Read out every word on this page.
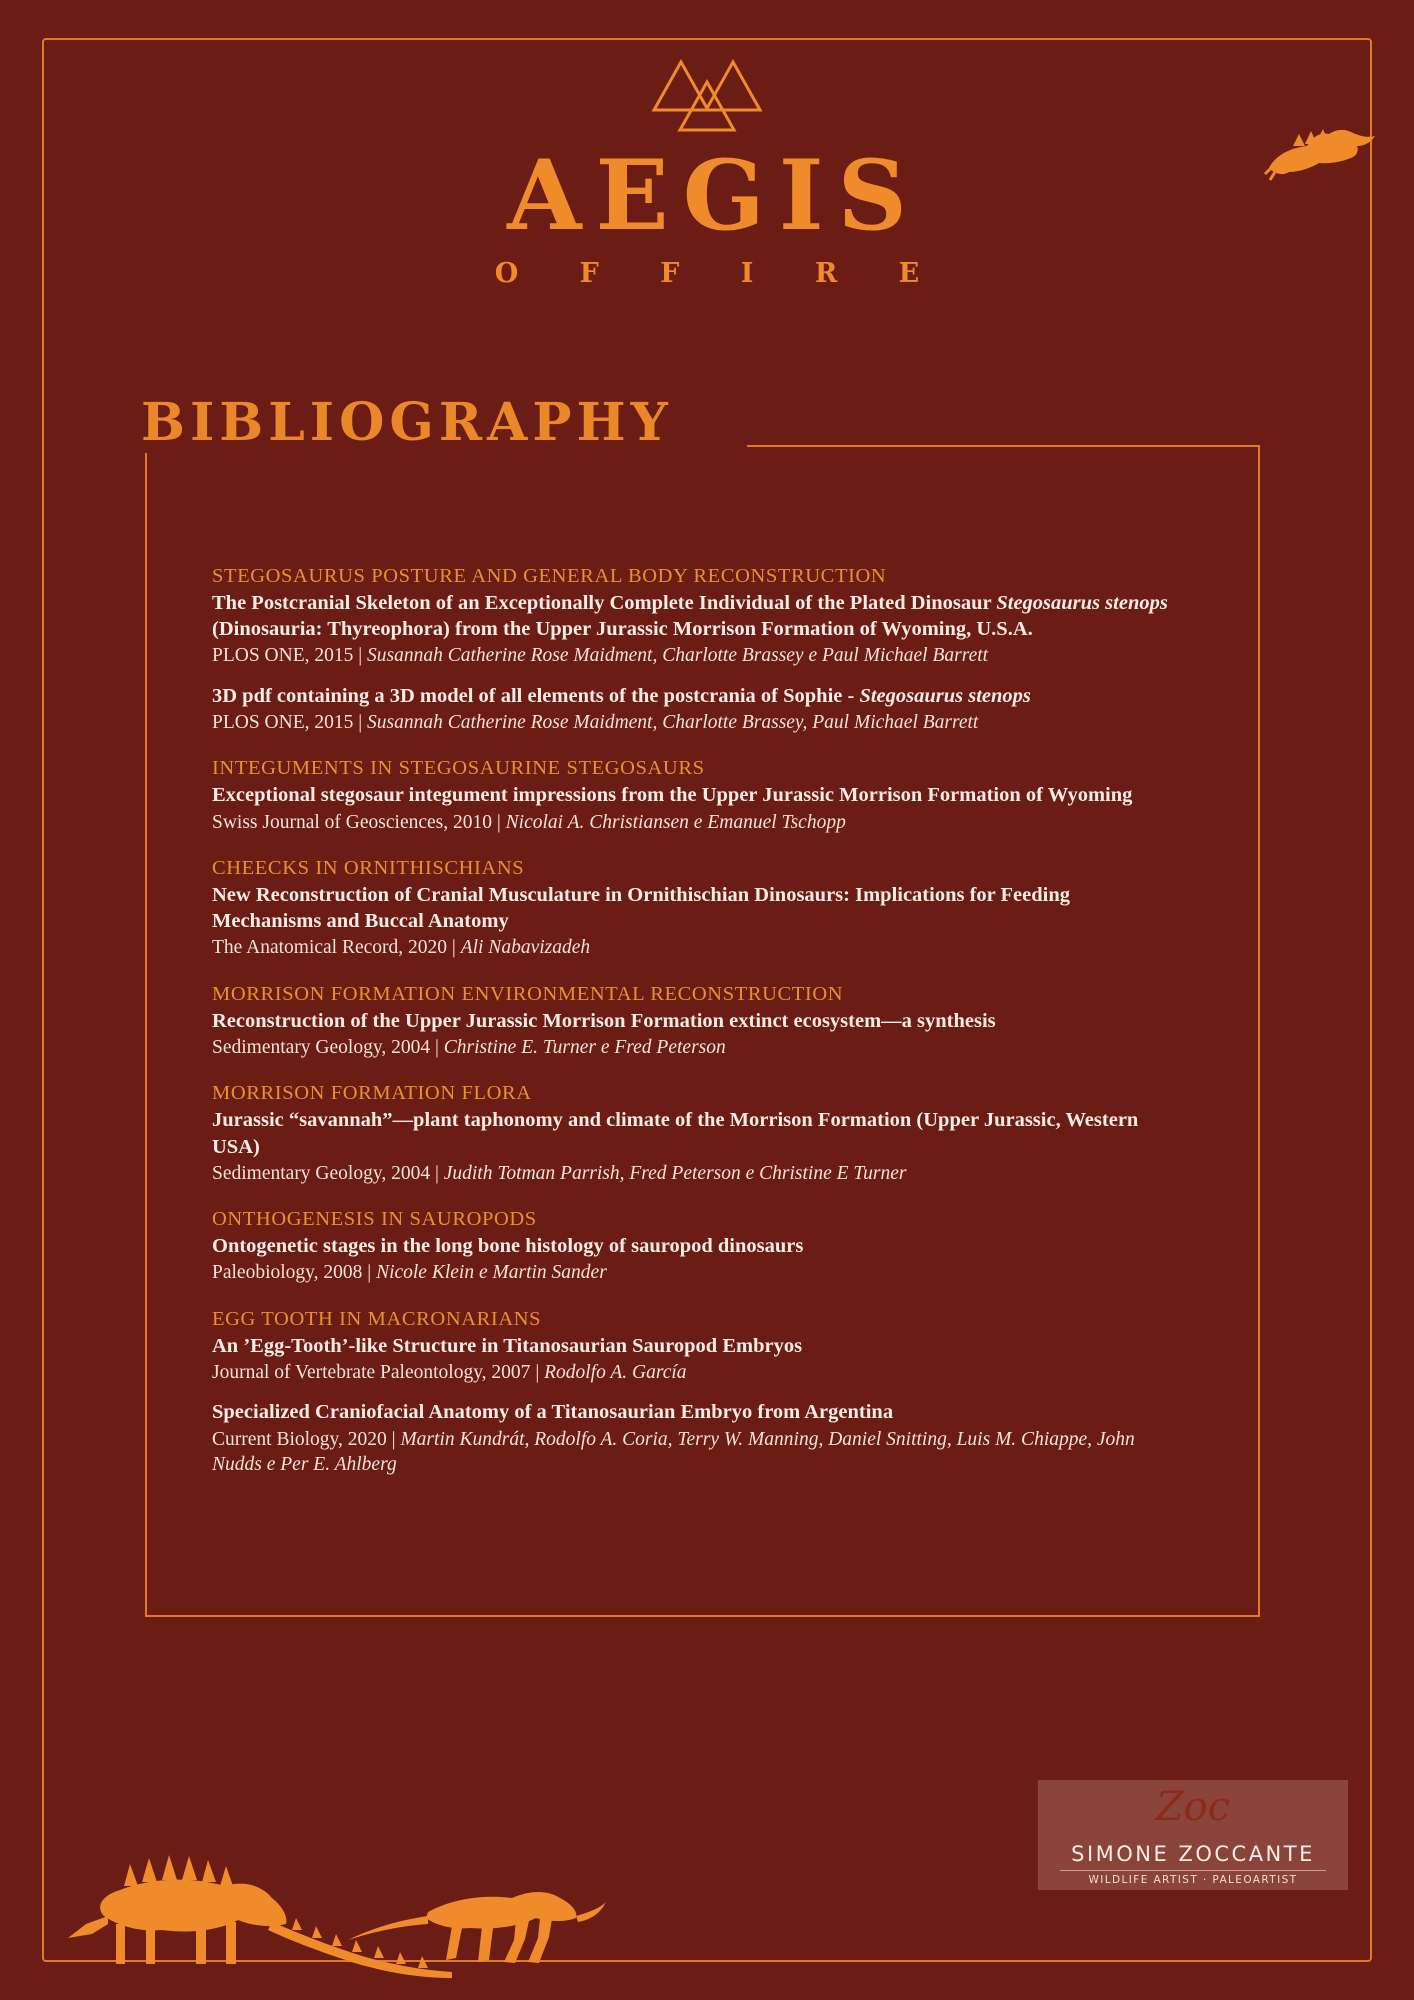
AEGIS
O F F I R E
BIBLIOGRAPHY
STEGOSAURUS POSTURE AND GENERAL BODY RECONSTRUCTION
The Postcranial Skeleton of an Exceptionally Complete Individual of the Plated Dinosaur Stegosaurus stenops (Dinosauria: Thyreophora) from the Upper Jurassic Morrison Formation of Wyoming, U.S.A.
PLOS ONE, 2015 | Susannah Catherine Rose Maidment, Charlotte Brassey e Paul Michael Barrett
3D pdf containing a 3D model of all elements of the postcrania of Sophie - Stegosaurus stenops
PLOS ONE, 2015 | Susannah Catherine Rose Maidment, Charlotte Brassey, Paul Michael Barrett
INTEGUMENTS IN STEGOSAURINE STEGOSAURS
Exceptional stegosaur integument impressions from the Upper Jurassic Morrison Formation of Wyoming
Swiss Journal of Geosciences, 2010 | Nicolai A. Christiansen e Emanuel Tschopp
CHEECKS IN ORNITHISCHIANS
New Reconstruction of Cranial Musculature in Ornithischian Dinosaurs: Implications for Feeding Mechanisms and Buccal Anatomy
The Anatomical Record, 2020 | Ali Nabavizadeh
MORRISON FORMATION ENVIRONMENTAL RECONSTRUCTION
Reconstruction of the Upper Jurassic Morrison Formation extinct ecosystem—a synthesis
Sedimentary Geology, 2004 | Christine E. Turner e Fred Peterson
MORRISON FORMATION FLORA
Jurassic “savannah”—plant taphonomy and climate of the Morrison Formation (Upper Jurassic, Western USA)
Sedimentary Geology, 2004 | Judith Totman Parrish, Fred Peterson e Christine E Turner
ONTHOGENESIS IN SAUROPODS
Ontogenetic stages in the long bone histology of sauropod dinosaurs
Paleobiology, 2008 | Nicole Klein e Martin Sander
EGG TOOTH IN MACRONARIANS
An ’Egg-Tooth’-like Structure in Titanosaurian Sauropod Embryos
Journal of Vertebrate Paleontology, 2007 | Rodolfo A. García
Specialized Craniofacial Anatomy of a Titanosaurian Embryo from Argentina
Current Biology, 2020 | Martin Kundrát, Rodolfo A. Coria, Terry W. Manning, Daniel Snitting, Luis M. Chiappe, John Nudds e Per E. Ahlberg
Zoc
SIMONE ZOCCANTE
WILDLIFE ARTIST · PALEOARTIST
